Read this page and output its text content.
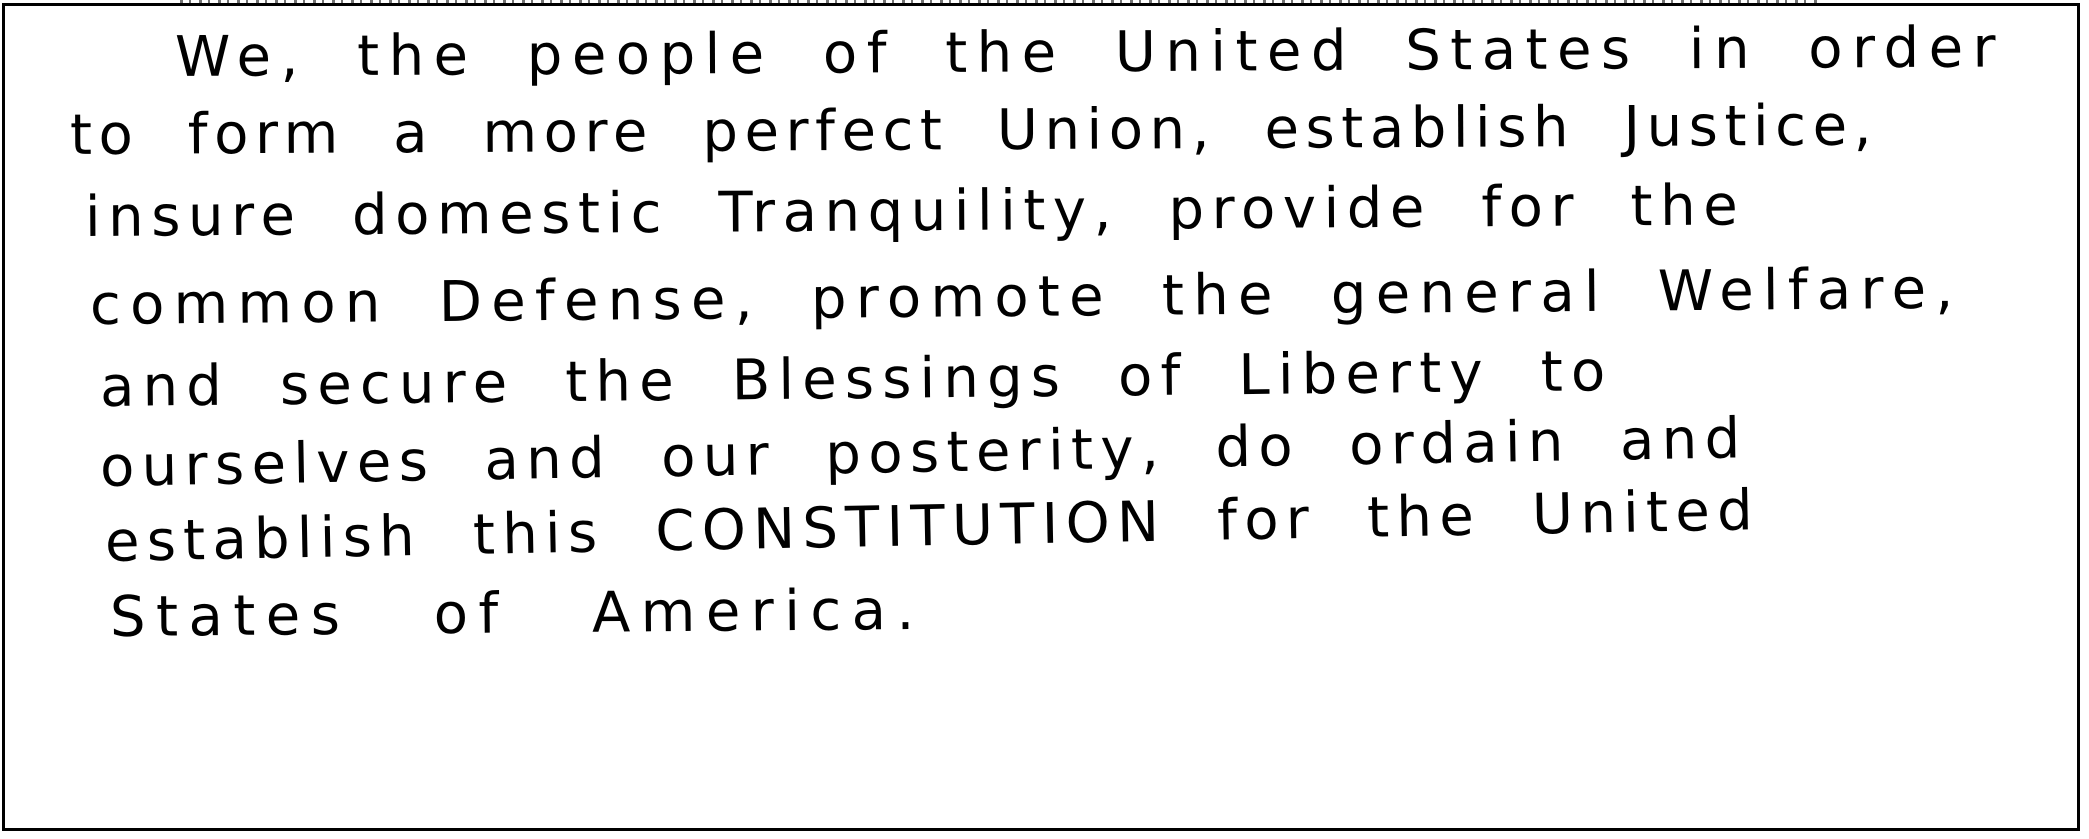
We, the people of the United States in order

to form a more perfect Union, establish Justice,

insure domestic Tranquility, provide for the

common Defense, promote the general Welfare,

and secure the Blessings of Liberty to

ourselves and our posterity, do ordain and

establish this CONSTITUTION for the United

States of America.
